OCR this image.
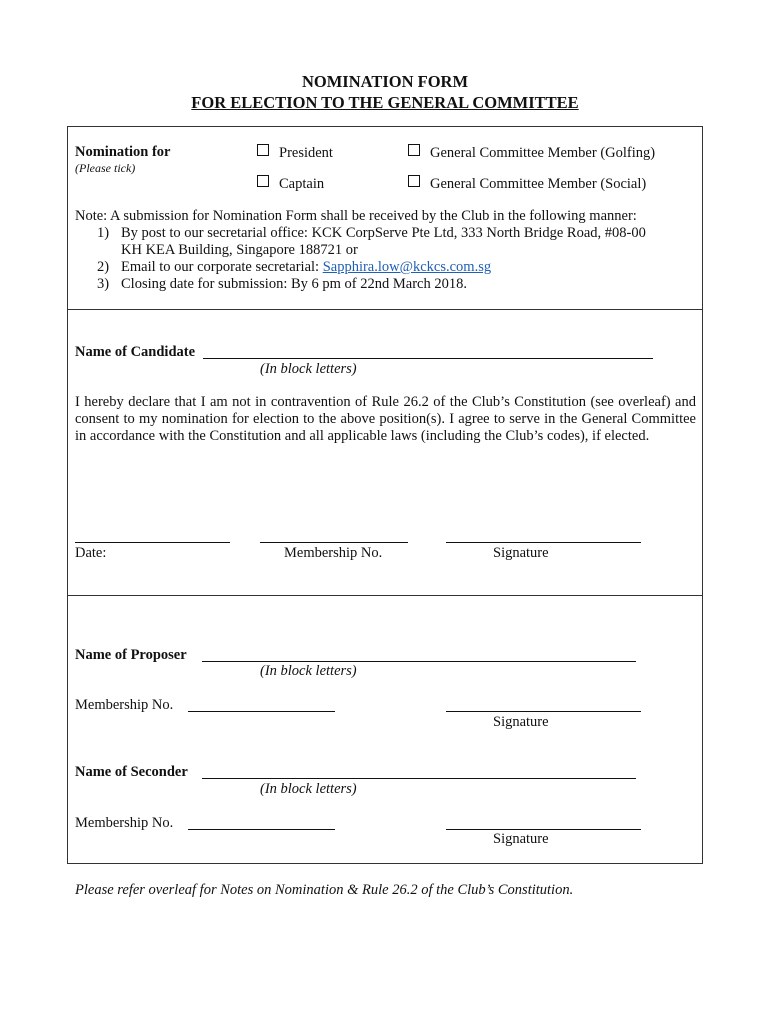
NOMINATION FORM
FOR ELECTION TO THE GENERAL COMMITTEE
Nomination for
(Please tick)
President	General Committee Member (Golfing)
Captain	General Committee Member (Social)
Note: A submission for Nomination Form shall be received by the Club in the following manner:
1) By post to our secretarial office: KCK CorpServe Pte Ltd, 333 North Bridge Road, #08-00
KH KEA Building, Singapore 188721 or
2) Email to our corporate secretarial: Sapphira.low@kckcs.com.sg
3) Closing date for submission: By 6 pm of 22nd March 2018.
Name of Candidate
(In block letters)
I hereby declare that I am not in contravention of Rule 26.2 of the Club’s Constitution (see overleaf) and consent to my nomination for election to the above position(s). I agree to serve in the General Committee in accordance with the Constitution and all applicable laws (including the Club’s codes), if elected.
Date:	Membership No.	Signature
Name of Proposer
(In block letters)
Membership No.
Signature
Name of Seconder
(In block letters)
Membership No.
Signature
Please refer overleaf for Notes on Nomination & Rule 26.2 of the Club’s Constitution.
